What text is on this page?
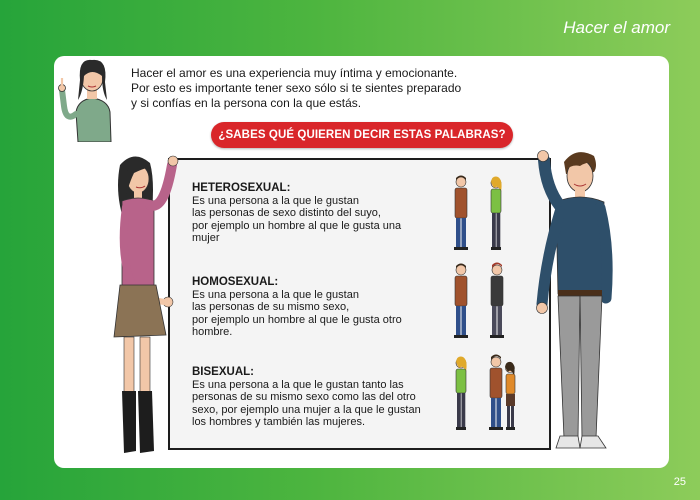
Hacer el amor
Hacer el amor es una experiencia muy íntima y emocionante.
Por esto es importante tener sexo sólo si te sientes preparado
y si confías en la persona con la que estás.
¿SABES QUÉ QUIEREN DECIR ESTAS PALABRAS?
HETEROSEXUAL:
Es una persona a la que le gustan
las personas de sexo distinto del suyo,
por ejemplo un hombre al que le gusta una
mujer
HOMOSEXUAL:
Es una persona a la que le gustan
las personas de su mismo sexo,
por ejemplo un hombre al que le gusta otro
hombre.
BISEXUAL:
Es una persona a la que le gustan tanto las
personas de su mismo sexo como las del otro
sexo, por ejemplo una mujer a la que le gustan
los hombres y también las mujeres.
25
